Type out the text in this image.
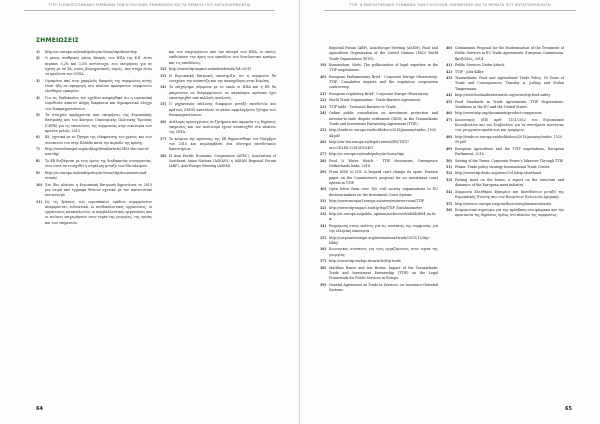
ΤΤΙΡ: Η ΕΝΕΠΙΣΤΗΜΙΑΚΗ ΣΥΜΦΩΝΙΑ ΤΩΝ ΕΞΕΛΙΞΕΩΝ, ΕΝΗΜΕΡΩΣΗ ΚΑΙ ΤΑ ΘΕΜΑΤΑ ΠΟΥ ΑΝΤΑΠΟΚΡΙΝΟΝΤΑΙ
ΣΗΜΕΙΩΣΕΙΣ
1) http://ec.europa.eu/trade/policy/in-focus/ttip/about-ttip
2) Ο μέσος σταθμικός μέσος δασμός των ΗΠΑ της Ε.Ε. είναι περίπου 5,2% και 3,5% αντίστοιχα, ενώ εκτιμήσεις για σε σχέση με τα ΤΑ, στους βιομηχανικούς τομείς, που στόχο είναι τα προϊόντα του ΟΟΣΑ.
3) Ορισμένοι από τους χαμηλούς δασμούς της συμφωνίας αυτής είναι ήδη σε εφαρμογή στο πλαίσιο πρόσφατων συμφωνιών ελεύθερου εμπορίου.
4) Για τις διαδικασίες του σχεδίου αναφέρθηκε ότι η ευρωπαϊκή νομοθεσία απαιτεί πλήρη διαφάνεια και δημοκρατικό έλεγχο των διαπραγματεύσεων.
5) Τα στοιχεία προέρχονται από εκτιμήσεις της Ευρωπαϊκής Επιτροπής και του Κέντρου Οικονομικής Πολιτικής Έρευνας (CEPR) για τις επιπτώσεις της συμφωνίας στην οικονομία των κρατών μελών, 2013.
6) Βλ. σχετικά με το ζήτημα της ελάφρυνσης του χρέους και των συνεπειών του στην Ελλάδα κατά την περίοδο της κρίσης.
7) http://www.bruegel.org/nc/blog/detail/article/1493-the-cost-of-non-ttip/
8) Το ΕΕ διεξάγεται με τους όρους της διαδικασίας συνεργασίας, έτσι ώστε να ενισχυθεί η σύγκλιση μεταξύ των δύο πλευρών.
9) http://ec.europa.eu/trade/policy/in-focus/ttip/documents-and-events/
10) Στο ίδιο πλαίσιο η Ευρωπαϊκή Επιτροπή δημοσίευσε το 2015 μια σειρά από έγγραφα θέσεων σχετικά με τον κανονιστικό συντονισμό.
11) Ως τις δράσεις των ευρωπαϊκών ομάδων συμφερόντων αναφέρονται, ενδεικτικά, οι συνδικαλιστικές οργανώσεις, οι οργανώσεις καταναλωτών, οι περιβαλλοντικές οργανώσεις και οι ενώσεις επιχειρήσεων στον τομέα της γεωργίας, της υγείας και των υπηρεσιών.
και των επιχειρήσεων από την πλευρά των ΗΠΑ, οι οποίες επιδιώκουν την άρση των εμποδίων στο διατλαντικό εμπόριο και τις επενδύσεις.
12) http://www.ttip-impact.eu/index/details/?id=0015
13) Η Ευρωπαϊκή Επιτροπή υποστηρίζει ότι η συμφωνία θα ενισχύσει την ανάπτυξη και την απασχόληση στην Ευρώπη.
14) Το επιχείρημα σύμφωνα με το οποίο οι ΗΠΑ και η ΕΕ θα μπορούσαν να διαμορφώσουν τα παγκόσμια πρότυπα έχει υποστηριχθεί από πολλούς αναλυτές.
15) Ο μηχανισμός επίλυσης διαφορών μεταξύ επενδυτών και κράτους (ISDS) αποτέλεσε το πλέον αμφιλεγόμενο ζήτημα των διαπραγματεύσεων.
16) Ανάλογες προσεγγίσεις σε ζητήματα που αφορούν τις δημόσιες υπηρεσίες και τον πολιτισμό έχουν αναπτυχθεί στο πλαίσιο της CETA.
17) Το κείμενο της πρότασης της ΕΕ δημοσιεύθηκε τον Νοέμβριο του 2015 και περιλαμβάνει ένα σύστημα επενδυτικών δικαστηρίων.
18) Η Asia Pacific Economic Cooperation (APEC), Association of Southeast Asian Nations (ASEAN), η ASEAN Regional Forum (ARF), Asia-Europe Meeting (ASEM).
64
ΤΤΙΡ: Η ΕΝΕΠΙΣΤΗΜΙΑΚΗ ΣΥΜΦΩΝΙΑ ΤΩΝ ΕΞΕΛΙΞΕΩΝ, ΕΝΗΜΕΡΩΣΗ ΚΑΙ ΤΑ ΘΕΜΑΤΑ ΠΟΥ ΑΝΤΑΠΟΚΡΙΝΟΝΤΑΙ
Regional Forum (ARF), Asia-Europe Meeting (ASEM), Food and Agriculture Organization of the United Nations (FAO) World Trade Organization (WTO).
19) Kommodore, Niels: The politicization of legal expertise in the TTIP negotiations.
20) European Parliamentary Brief - Corporate Europe Observatory: TTIP: Cumulative impacts and the regulatory cooperation controversy.
21) European regulatory Brief - Corporate Europe Observatory.
22) World Trade Organization - Trade Barriers Agreement.
23) TTIP table - Technical Barriers to Trade.
24) Online public consultation on investment protection and investor-to-state dispute settlement (ISDS) in the Transatlantic Trade and Investment Partnership Agreement (TTIP).
25) http://trade.ec.europa.eu/doclib/docs/2015/january/tradoc_153044.pdf
26) http://eur-lex.europa.eu/legal-content/EN/TXT/?uri=CELEX:52015DC0497
27) http://ec.europa.eu/trade/policy/in-focus/ttip/
28) Food & Water Watch - TTIP documents, Greenpeace Netherlands leaks, 2016.
29) From ISDS to ICS: A leopard can't change its spots. Position paper on the Commission's proposal for an investment court system in TTIP.
30) Open letter from over 100 civil society organisations to EU decision-makers on the Investment Court System.
31) http://www.europarl.europa.eu/news/en/news-room/TTIP
32) http://www.ttip-impact.eu/ttip-ttip/TTIP_Eurobarometer
33) http://ec.europa.eu/public_opinion/archives/eb/eb84/eb84_en.htm
34) Ενημέρωση στους πολίτες για τις συνέπειες της συμφωνίας για την ελληνική οικονομία.
35) http://corporateeurope.org/international-trade/2015/12/ttip-lobby
36) Κοινωνικές συνέπειες για τους εργαζόμενους στον τομέα της γεωργίας.
37) http://www.ttip-eurhqs.de/article/ttip-trade
38) Matthias Bauer and Iris Brown: Impact of the Transatlantic Trade and Investment Partnership (TTIP) on the Legal Framework for Public Services in Europe.
39) General Agreement on Trade in Services: on Insurance-Oriented Systems.
40) Commission Proposal for the Modernisation of the Treatment of Public Services in EU Trade Agreements. European Commission, Βρυξέλλες, 2014.
41) Public Services Under Attack.
42) TTIP - Jobs Killer.
43) Transatlantic Food and Agricultural Trade Policy, 50 Years of Trade and Consequences, Timothy A. Josling and Stefan Tangermann.
44) http://www.foodandwaterwatch.org/news/ttip-food-safety
45) Food Standards in Trade Agreements. TTIP Negotiations: Traditions in the EU and the United States.
46) http://www.iatp.org/documents/product-comparison
47) Κανονισμός (ΕΕ) αριθ. 1151/2012 του Ευρωπαϊκού Κοινοβουλίου και του Συμβουλίου για τα συστήματα ποιότητας των γεωργικών προϊόντων και τροφίμων.
48) http://trade.ec.europa.eu/doclib/docs/2015/january/tradoc_152999.pdf
49) European Agriculture and the TTIP negotiations, European Parliament, 2016.
50) Setting of the Terms: Corporate Power's Takeover Through TTIP.
51) Ptüxis: Trade policy strategy International Trade Center.
52) http://www.ttip-deals.org/news/2016/ttip-shorthand
53) Putting meat on the bones, a report on the structure and dynamics of the European meat industry.
54) Συμφωνία Ελεύθερου Εμπορίου και Επενδύσεων μεταξύ της Ευρωπαϊκής Ένωσης και των Ηνωμένων Πολιτειών Αμερικής.
55) http://www.ec.europa.eu/growth/sectors/pharmaceuticals
56) Ενημερωτικό σημείωμα για την πρόσβαση στα φάρμακα και την προστασία της δημόσιας υγείας στο πλαίσιο της συμφωνίας.
65
